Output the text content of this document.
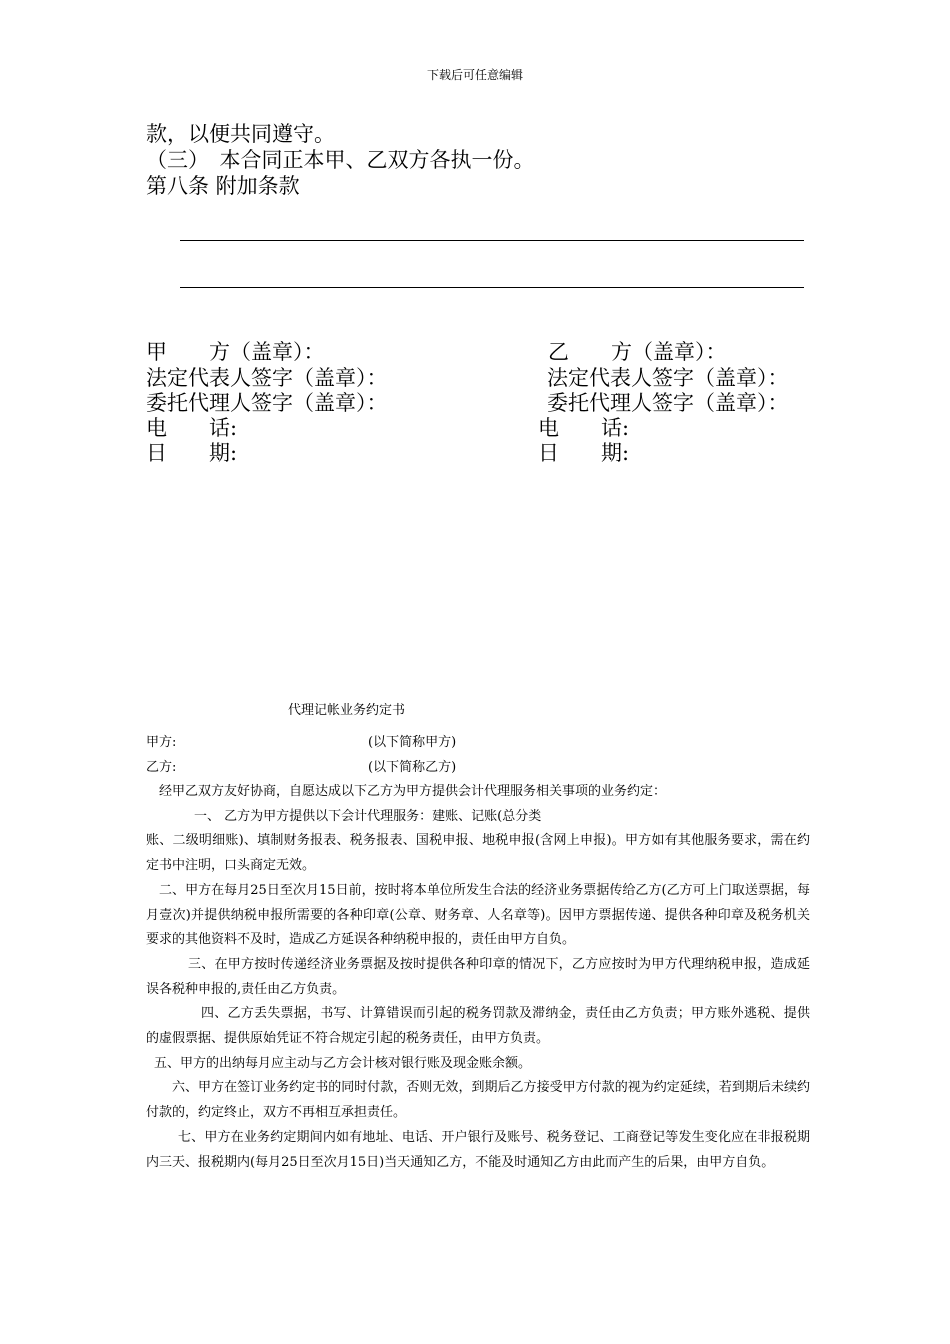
下载后可任意编辑
款，以便共同遵守。
（三）　本合同正本甲、乙双方各执一份。
第八条 附加条款
甲　　方（盖章）：
法定代表人签字（盖章）：
委托代理人签字（盖章）：
电　　话:
日　　期:
乙　　方（盖章）：
法定代表人签字（盖章）：
委托代理人签字（盖章）：
电　　话:
日　　期:
代理记帐业务约定书
甲方:	(以下简称甲方)
乙方:	(以下简称乙方)

经甲乙双方友好协商，自愿达成以下乙方为甲方提供会计代理服务相关事项的业务约定：

一、 乙方为甲方提供以下会计代理服务：建账、记账(总分类

账、二级明细账)、填制财务报表、税务报表、国税申报、地税申报(含网上申报)。甲方如有其他服务要求，需在约定书中注明，口头商定无效。

二、甲方在每月25日至次月15日前，按时将本单位所发生合法的经济业务票据传给乙方(乙方可上门取送票据，每月壹次)并提供纳税申报所需要的各种印章(公章、财务章、人名章等)。因甲方票据传递、提供各种印章及税务机关要求的其他资料不及时，造成乙方延误各种纳税申报的，责任由甲方自负。

三、在甲方按时传递经济业务票据及按时提供各种印章的情况下，乙方应按时为甲方代理纳税申报，造成延误各税种申报的,责任由乙方负责。

四、乙方丢失票据，书写、计算错误而引起的税务罚款及滞纳金，责任由乙方负责；甲方账外逃税、提供的虚假票据、提供原始凭证不符合规定引起的税务责任，由甲方负责。

五、甲方的出纳每月应主动与乙方会计核对银行账及现金账余额。

六、甲方在签订业务约定书的同时付款，否则无效，到期后乙方接受甲方付款的视为约定延续，若到期后未续约付款的，约定终止，双方不再相互承担责任。

七、甲方在业务约定期间内如有地址、电话、开户银行及账号、税务登记、工商登记等发生变化应在非报税期内三天、报税期内(每月25日至次月15日)当天通知乙方，不能及时通知乙方由此而产生的后果，由甲方自负。
